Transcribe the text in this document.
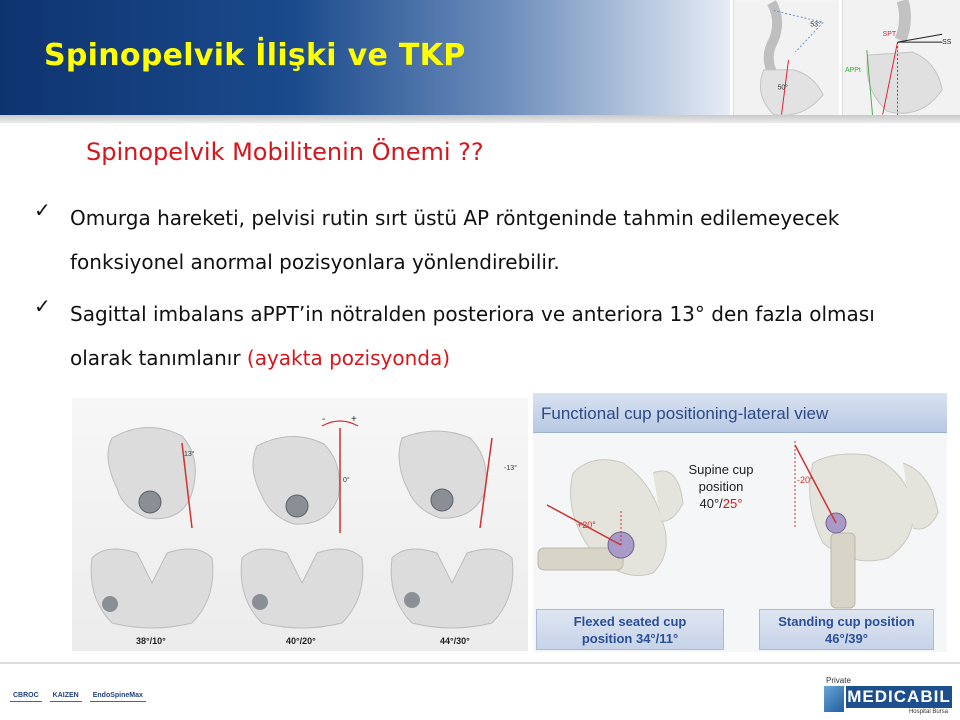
Spinopelvik İlişki ve TKP
53°
50°
SPT
SS
APPt
Spinopelvik Mobilitenin Önemi ??
✓ Omurga hareketi, pelvisi rutin sırt üstü AP röntgeninde tahmin edilemeyecek fonksiyonel anormal pozisyonlara yönlendirebilir.

✓ Sagittal imbalans aPPT’in nötralden posteriora ve anteriora 13° den fazla olması olarak tanımlanır (ayakta pozisyonda)

13°
-	+
0°
-13°
38°/10°	40°/20°	44°/30°
Functional cup positioning-lateral view
+20°
-20°
Supine cup
position
40°/25°
Flexed seated cup
position 34°/11°
Standing cup position
46°/39°
CBROC	KAIZEN	EndoSpineMax
Private
MEDICABIL
Hospital Bursa
